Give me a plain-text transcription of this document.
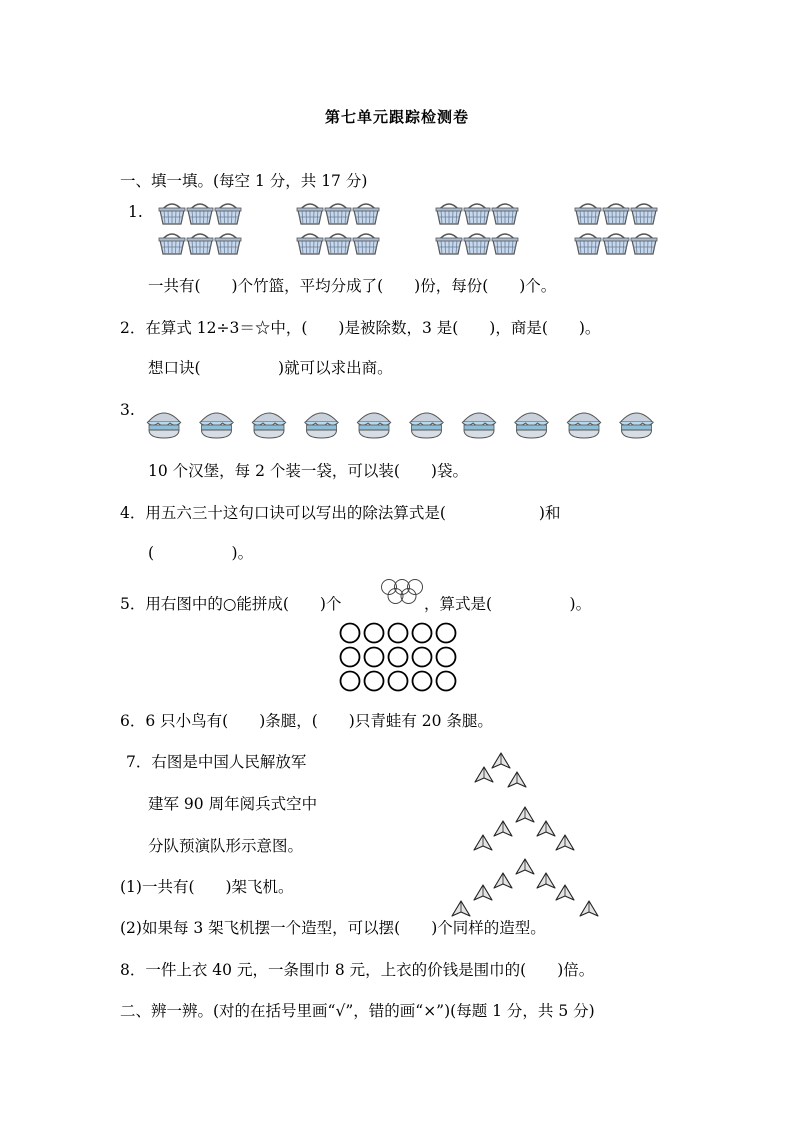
第七单元跟踪检测卷
一、填一填。(每空 1 分，共 17 分)
1.
一共有(　　)个竹篮，平均分成了(　　)份，每份(　　)个。
2．在算式 12÷3＝☆中，(　　)是被除数，3 是(　　)，商是(　　)。
想口诀(　　　　　)就可以求出商。
3.
10 个汉堡，每 2 个装一袋，可以装(　　)袋。
4．用五六三十这句口诀可以写出的除法算式是(　　　　　　)和
(　　　　　)。
5．用右图中的○能拼成(　　)个	，算式是(　　　　　)。
6．6 只小鸟有(　　)条腿，(　　)只青蛙有 20 条腿。
7．右图是中国人民解放军
建军 90 周年阅兵式空中
分队预演队形示意图。
(1)一共有(　　)架飞机。
(2)如果每 3 架飞机摆一个造型，可以摆(　　)个同样的造型。
8．一件上衣 40 元，一条围巾 8 元，上衣的价钱是围巾的(　　)倍。
二、辨一辨。(对的在括号里画“√”，错的画“×”)(每题 1 分，共 5 分)
